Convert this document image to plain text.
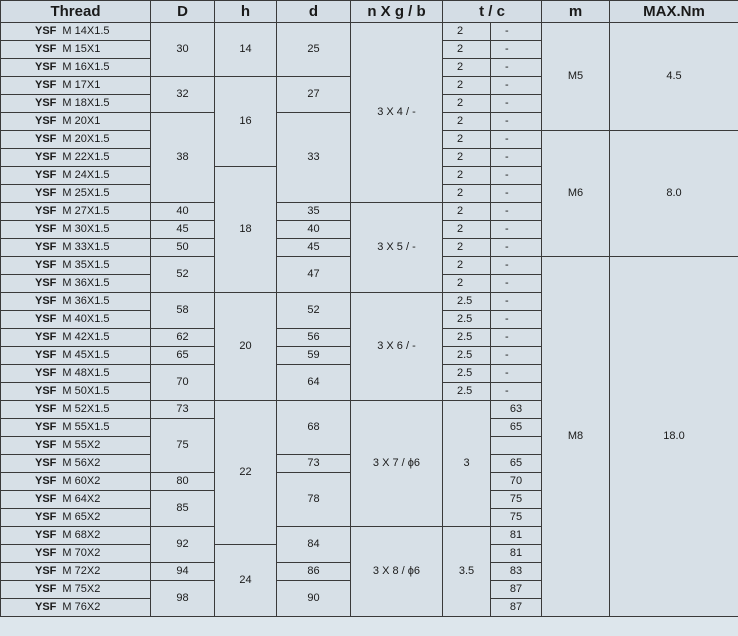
Thread	D	h	d	n X g / b	t / c		m	MAX.Nm
YSF M 14X1.5	30	14	25	3 X 4 / -	2	-	M5	4.5
YSF M 15X1					2	-		
YSF M 16X1.5					2	-		
YSF M 17X1	32	16	27		2	-		
YSF M 18X1.5					2	-		
YSF M 20X1	38		33		2	-		
YSF M 20X1.5					2	-	M6	8.0
YSF M 22X1.5					2	-		
YSF M 24X1.5		18			2	-		
YSF M 25X1.5					2	-		
YSF M 27X1.5	40		35	3 X 5 / -	2	-		
YSF M 30X1.5	45		40		2	-		
YSF M 33X1.5	50		45		2	-		
YSF M 35X1.5	52		47		2	-	M8	18.0
YSF M 36X1.5					2	-		
YSF M 36X1.5	58	20	52	3 X 6 / -	2.5	-		
YSF M 40X1.5					2.5	-		
YSF M 42X1.5	62		56		2.5	-		
YSF M 45X1.5	65		59		2.5	-		
YSF M 48X1.5	70		64		2.5	-		
YSF M 50X1.5					2.5	-		
YSF M 52X1.5	73	22	68	3 X 7 / ϕ6	3	63		
YSF M 55X1.5	75					65		
YSF M 55X2								
YSF M 56X2			73			65		
YSF M 60X2	80		78			70		
YSF M 64X2	85					75		
YSF M 65X2						75		
YSF M 68X2	92		84	3 X 8 / ϕ6	3.5	81		
YSF M 70X2		24				81		
YSF M 72X2	94		86			83		
YSF M 75X2	98		90			87		
YSF M 76X2						87		
